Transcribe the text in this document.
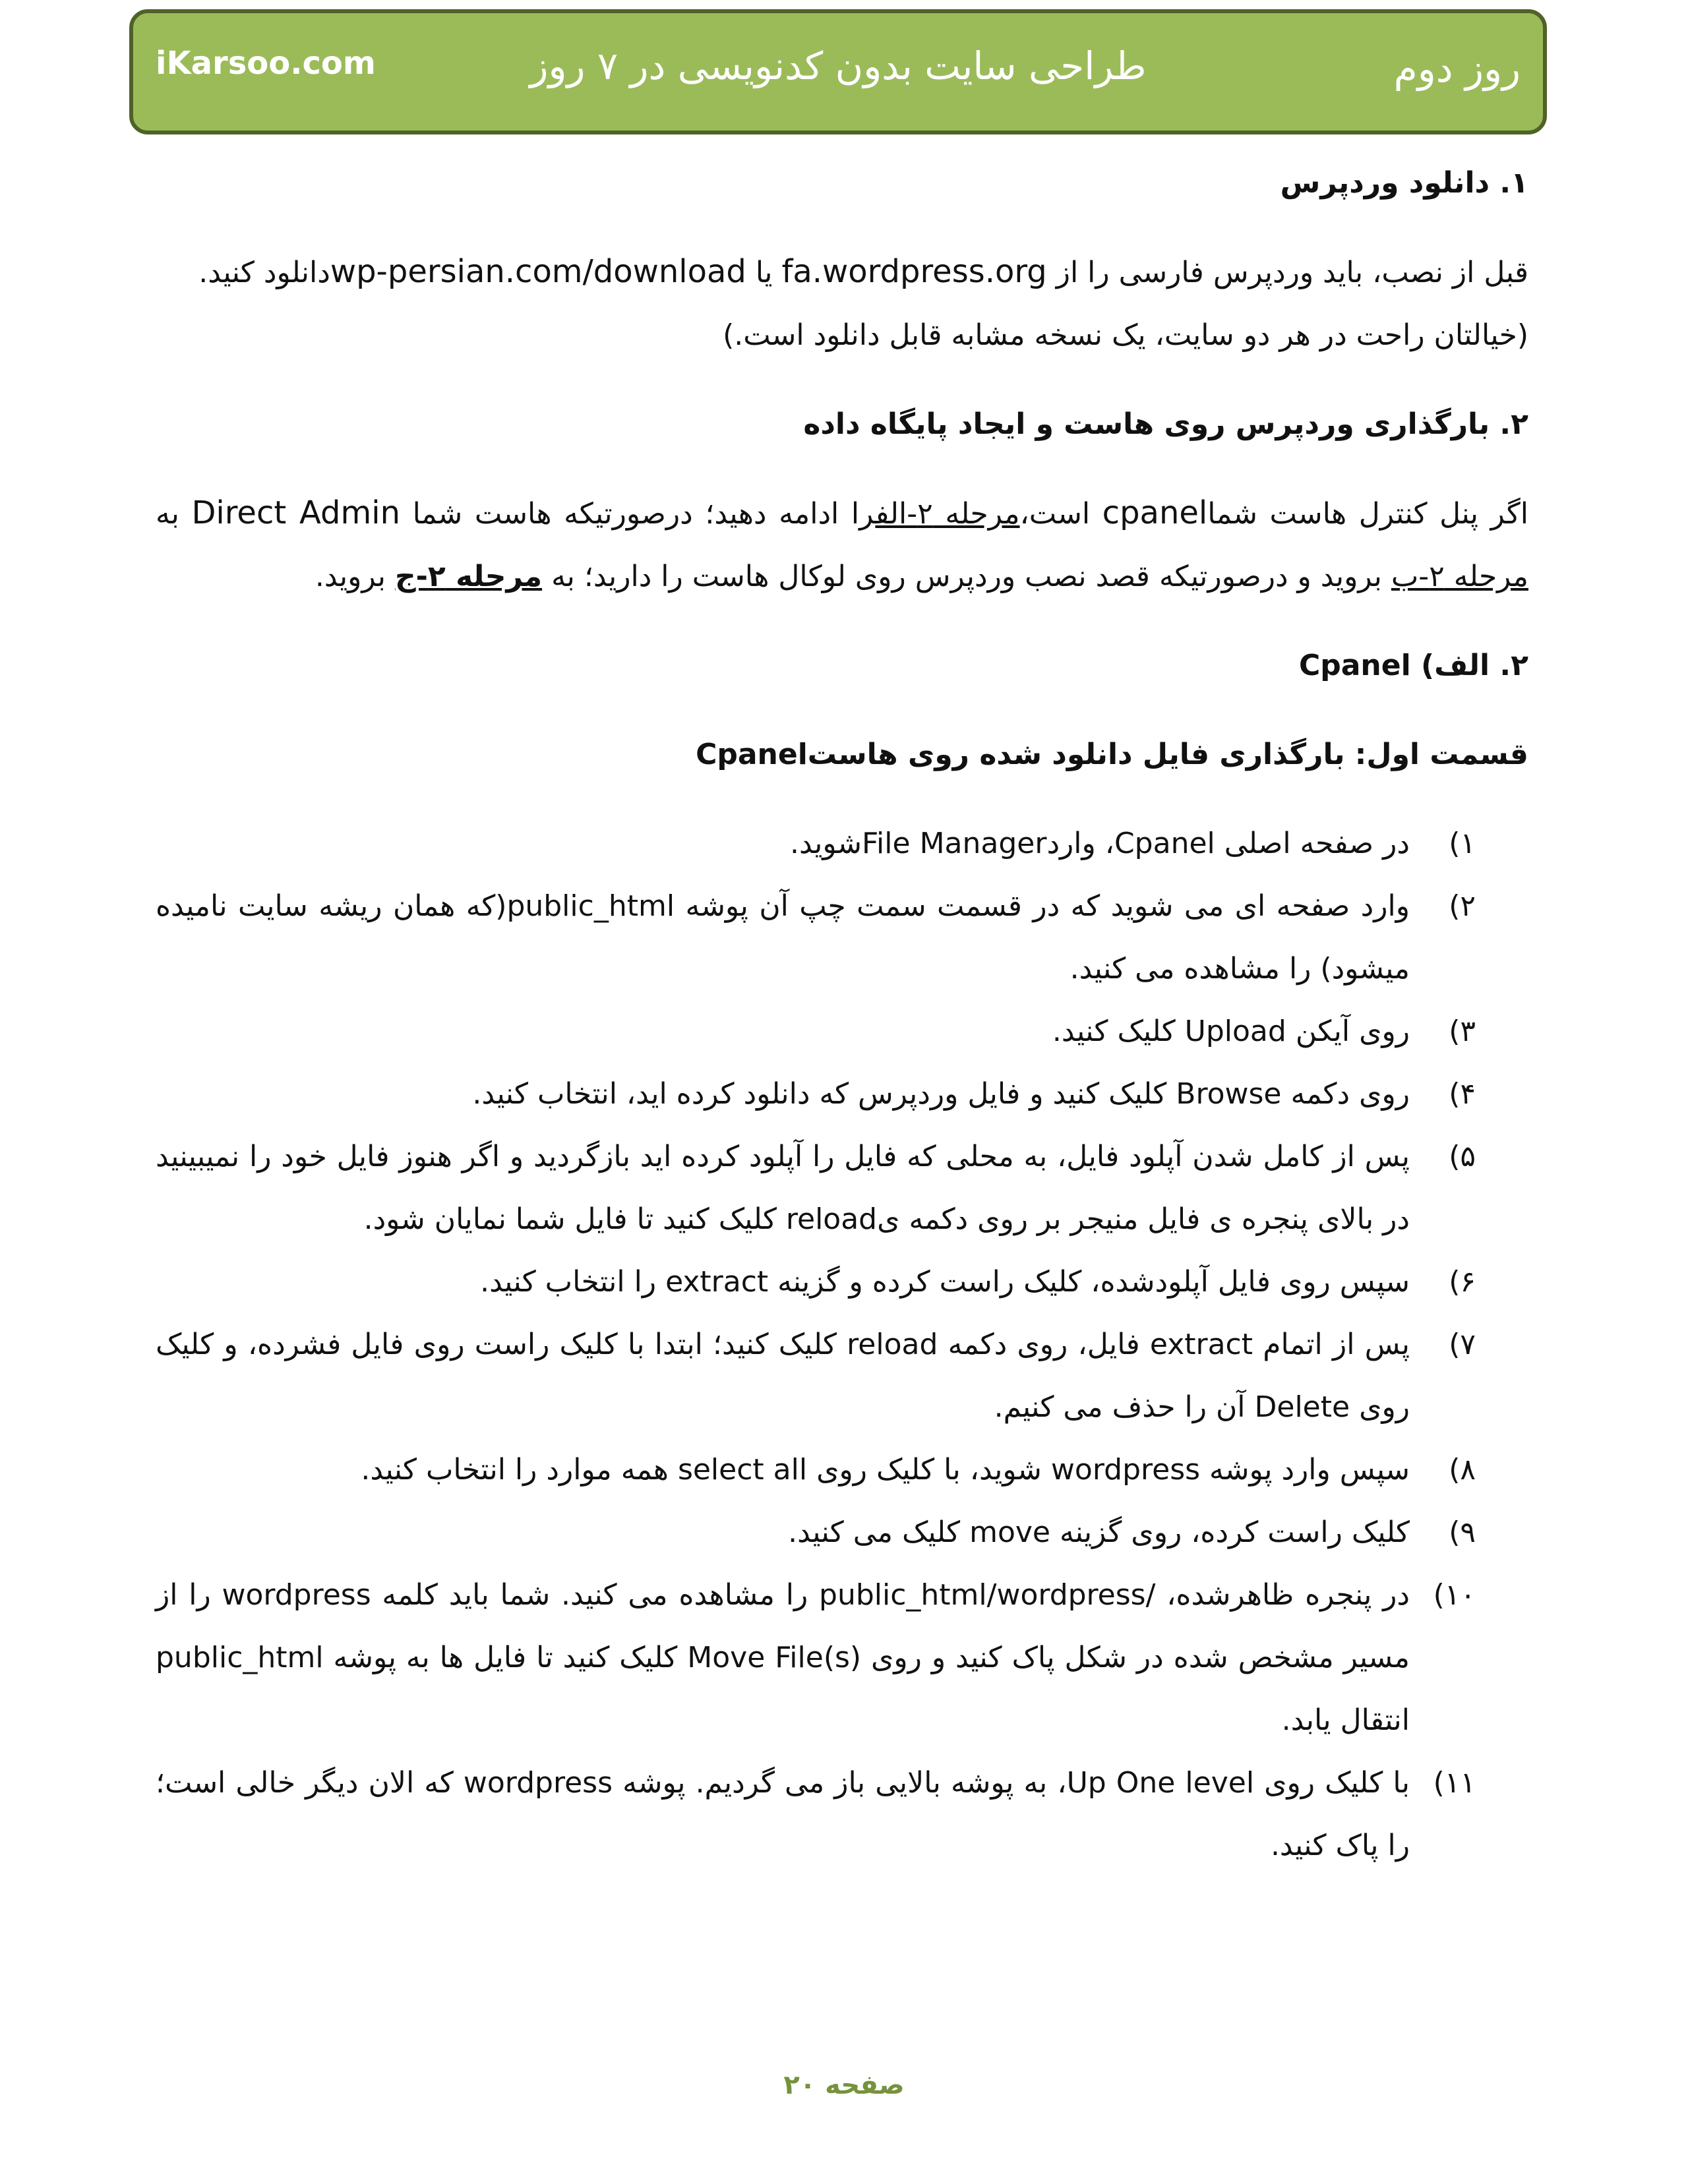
iKarsoo.com	طراحی سایت بدون کدنویسی در ۷ روز	روز دوم

۱. دانلود وردپرس

قبل از نصب، باید وردپرس فارسی را از fa.wordpress.org یا wp-persian.com/downloadدانلود کنید.
(خیالتان راحت در هر دو سایت، یک نسخه مشابه قابل دانلود است.)

۲. بارگذاری وردپرس روی هاست و ایجاد پایگاه داده

اگر پنل کنترل هاست شماcpanel است،مرحله ۲-الفرا ادامه دهید؛ درصورتیکه هاست شما Direct Admin به مرحله ۲-ب بروید و درصورتیکه قصد نصب وردپرس روی لوکال هاست را دارید؛ به مرحله ۲-ج بروید.

۲. الف) Cpanel

قسمت اول: بارگذاری فایل دانلود شده روی هاستCpanel

۱)
در صفحه اصلی Cpanel، واردFile Managerشوید.
۲)
وارد صفحه ای می شوید که در قسمت سمت چپ آن پوشه public_html(که همان ریشه سایت نامیده میشود) را مشاهده می کنید.
۳)
روی آیکن Upload کلیک کنید.
۴)
روی دکمه Browse کلیک کنید و فایل وردپرس که دانلود کرده اید، انتخاب کنید.
۵)
پس از کامل شدن آپلود فایل، به محلی که فایل را آپلود کرده اید بازگردید و اگر هنوز فایل خود را نمیبینید در بالای پنجره ی فایل منیجر بر روی دکمه یreload کلیک کنید تا فایل شما نمایان شود.
۶)
سپس روی فایل آپلودشده، کلیک راست کرده و گزینه extract را انتخاب کنید.
۷)
پس از اتمام extract فایل، روی دکمه reload کلیک کنید؛ ابتدا با کلیک راست روی فایل فشرده، و کلیک روی Delete آن را حذف می کنیم.
۸)
سپس وارد پوشه wordpress شوید، با کلیک روی select all همه موارد را انتخاب کنید.
۹)
کلیک راست کرده، روی گزینه move کلیک می کنید.
۱۰)
در پنجره ظاهرشده، /public_html/wordpress را مشاهده می کنید. شما باید کلمه wordpress را از مسیر مشخص شده در شکل پاک کنید و روی Move File(s) کلیک کنید تا فایل ها به پوشه public_html انتقال یابد.
۱۱)
با کلیک روی Up One level، به پوشه بالایی باز می گردیم. پوشه wordpress که الان دیگر خالی است؛ را پاک کنید.
صفحه ۲۰
